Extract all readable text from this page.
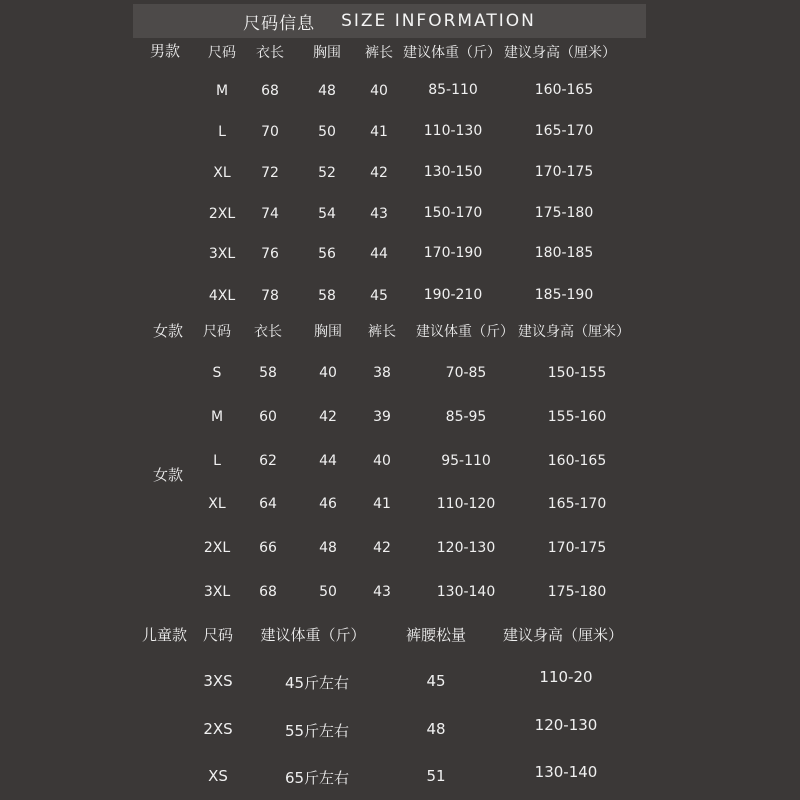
尺码信息 SIZE INFORMATION
男款 尺码 衣长 胸围 裤长 建议体重（斤） 建议身高（厘米）
M 68	48 40	85-110	160-165
L	70	50 41	110-130	165-170
XL 72	52 42	130-150	170-175
2XL 74	54 43	150-170	175-180
3XL 76	56 44	170-190	180-185
4XL 78	58 45	190-210	185-190
女款
女款
尺码 衣长 胸围 裤长 建议体重（斤） 建议身高（厘米）
S	58	40	38	70-85	150-155
M	60	42	39	85-95	155-160
L	62	44	40	95-110	160-165
XL 64	46	41	110-120	165-170
2XL 66	48	42	120-130	170-175
3XL 68	50	43	130-140	175-180
儿童款 尺码 建议体重（斤）	裤腰松量 建议身高（厘米）
3XS	45斤左右	45	110-20
2XS	55斤左右	48	120-130
XS	65斤左右	51	130-140
